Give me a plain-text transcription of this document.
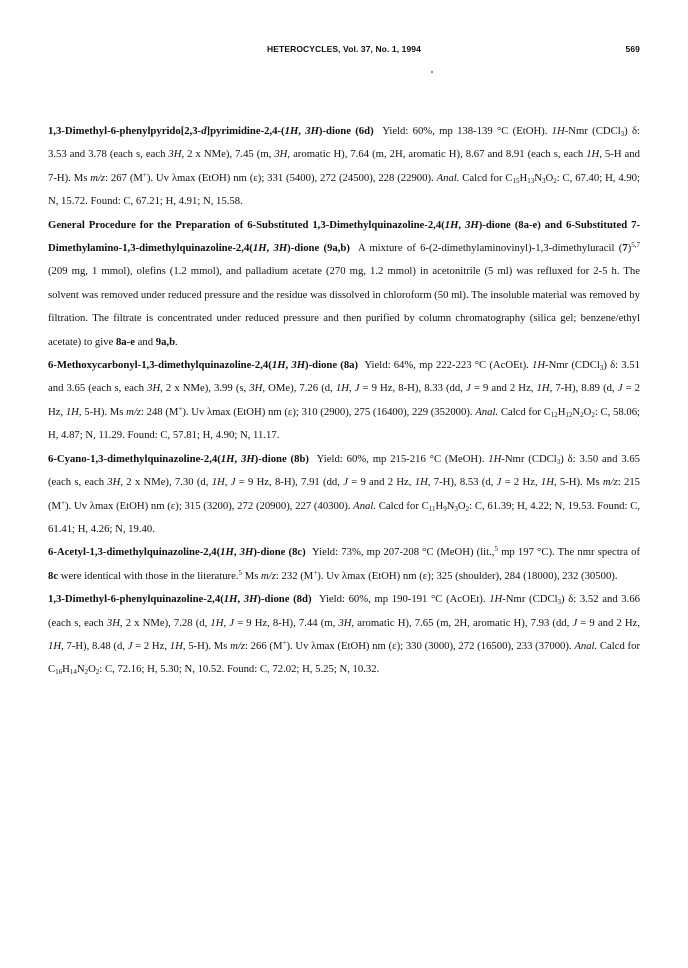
HETEROCYCLES, Vol. 37, No. 1, 1994	569

1,3-Dimethyl-6-phenylpyrido[2,3-d]pyrimidine-2,4-(1H, 3H)-dione (6d) Yield: 60%, mp 138-139 °C (EtOH). 1H-Nmr (CDCl$_3$) δ: 3.53 and 3.78 (each s, each 3H, 2 x NMe), 7.45 (m, 3H, aromatic H), 7.64 (m, 2H, aromatic H), 8.67 and 8.91 (each s, each 1H, 5-H and 7-H). Ms m/z: 267 (M+). Uv λmax (EtOH) nm (ε); 331 (5400), 272 (24500), 228 (22900). Anal. Calcd for $C_{15}H_{13}N_3O_2$: C, 67.40; H, 4.90; N, 15.72. Found: C, 67.21; H, 4.91; N, 15.58.

General Procedure for the Preparation of 6-Substituted 1,3-Dimethylquinazoline-2,4(1H, 3H)-dione (8a-e) and 6-Substituted 7-Dimethylamino-1,3-dimethylquinazoline-2,4(1H, 3H)-dione (9a,b) A mixture of 6-(2-dimethylaminovinyl)-1,3-dimethyluracil $(7)^{5,7}$ (209 mg, 1 mmol), olefins (1.2 mmol), and palladium acetate (270 mg, 1.2 mmol) in acetonitrile (5 ml) was refluxed for 2-5 h. The solvent was removed under reduced pressure and the residue was dissolved in chloroform (50 ml). The insoluble material was removed by filtration. The filtrate is concentrated under reduced pressure and then purified by column chromatography (silica gel; benzene/ethyl acetate) to give 8a-e and 9a,b.

6-Methoxycarbonyl-1,3-dimethylquinazoline-2,4(1H, 3H)-dione (8a) Yield: 64%, mp 222-223 °C (AcOEt). 1H-Nmr (CDCl$_3$) δ: 3.51 and 3.65 (each s, each 3H, 2 x NMe), 3.99 (s, 3H, OMe), 7.26 (d, 1H, J = 9 Hz, 8-H), 8.33 (dd, J = 9 and 2 Hz, 1H, 7-H), 8.89 (d, J = 2 Hz, 1H, 5-H). Ms m/z: 248 (M+). Uv λmax (EtOH) nm (ε); 310 (2900), 275 (16400), 229 (352000). Anal. Calcd for $C_{12}H_{12}N_2O_2$: C, 58.06; H, 4.87; N, 11.29. Found: C, 57.81; H, 4.90; N, 11.17.

6-Cyano-1,3-dimethylquinazoline-2,4(1H, 3H)-dione (8b) Yield: 60%, mp 215-216 °C (MeOH). 1H-Nmr (CDCl$_3$) δ: 3.50 and 3.65 (each s, each 3H, 2 x NMe), 7.30 (d, 1H, J = 9 Hz, 8-H), 7.91 (dd, J = 9 and 2 Hz, 1H, 7-H), 8.53 (d, J = 2 Hz, 1H, 5-H). Ms m/z: 215 (M+). Uv λmax (EtOH) nm (ε); 315 (3200), 272 (20900), 227 (40300). Anal. Calcd for $C_{11}H_9N_3O_2$: C, 61.39; H, 4.22; N, 19.53. Found: C, 61.41; H, 4.26; N, 19.40.

6-Acetyl-1,3-dimethylquinazoline-2,4(1H, 3H)-dione (8c) Yield: 73%, mp 207-208 °C (MeOH) (lit.,$^5$ mp 197 °C). The nmr spectra of 8c were identical with those in the literature.$^5$ Ms m/z: 232 (M+). Uv λmax (EtOH) nm (ε); 325 (shoulder), 284 (18000), 232 (30500).

1,3-Dimethyl-6-phenylquinazoline-2,4(1H, 3H)-dione (8d) Yield: 60%, mp 190-191 °C (AcOEt). 1H-Nmr (CDCl$_3$) δ: 3.52 and 3.66 (each s, each 3H, 2 x NMe), 7.28 (d, 1H, J = 9 Hz, 8-H), 7.44 (m, 3H, aromatic H), 7.65 (m, 2H, aromatic H), 7.93 (dd, J = 9 and 2 Hz, 1H, 7-H), 8.48 (d, J = 2 Hz, 1H, 5-H). Ms m/z: 266 (M+). Uv λmax (EtOH) nm (ε); 330 (3000), 272 (16500), 233 (37000). Anal. Calcd for $C_{16}H_{14}N_2O_2$: C, 72.16; H, 5.30; N, 10.52. Found: C, 72.02; H, 5.25; N, 10.32.
